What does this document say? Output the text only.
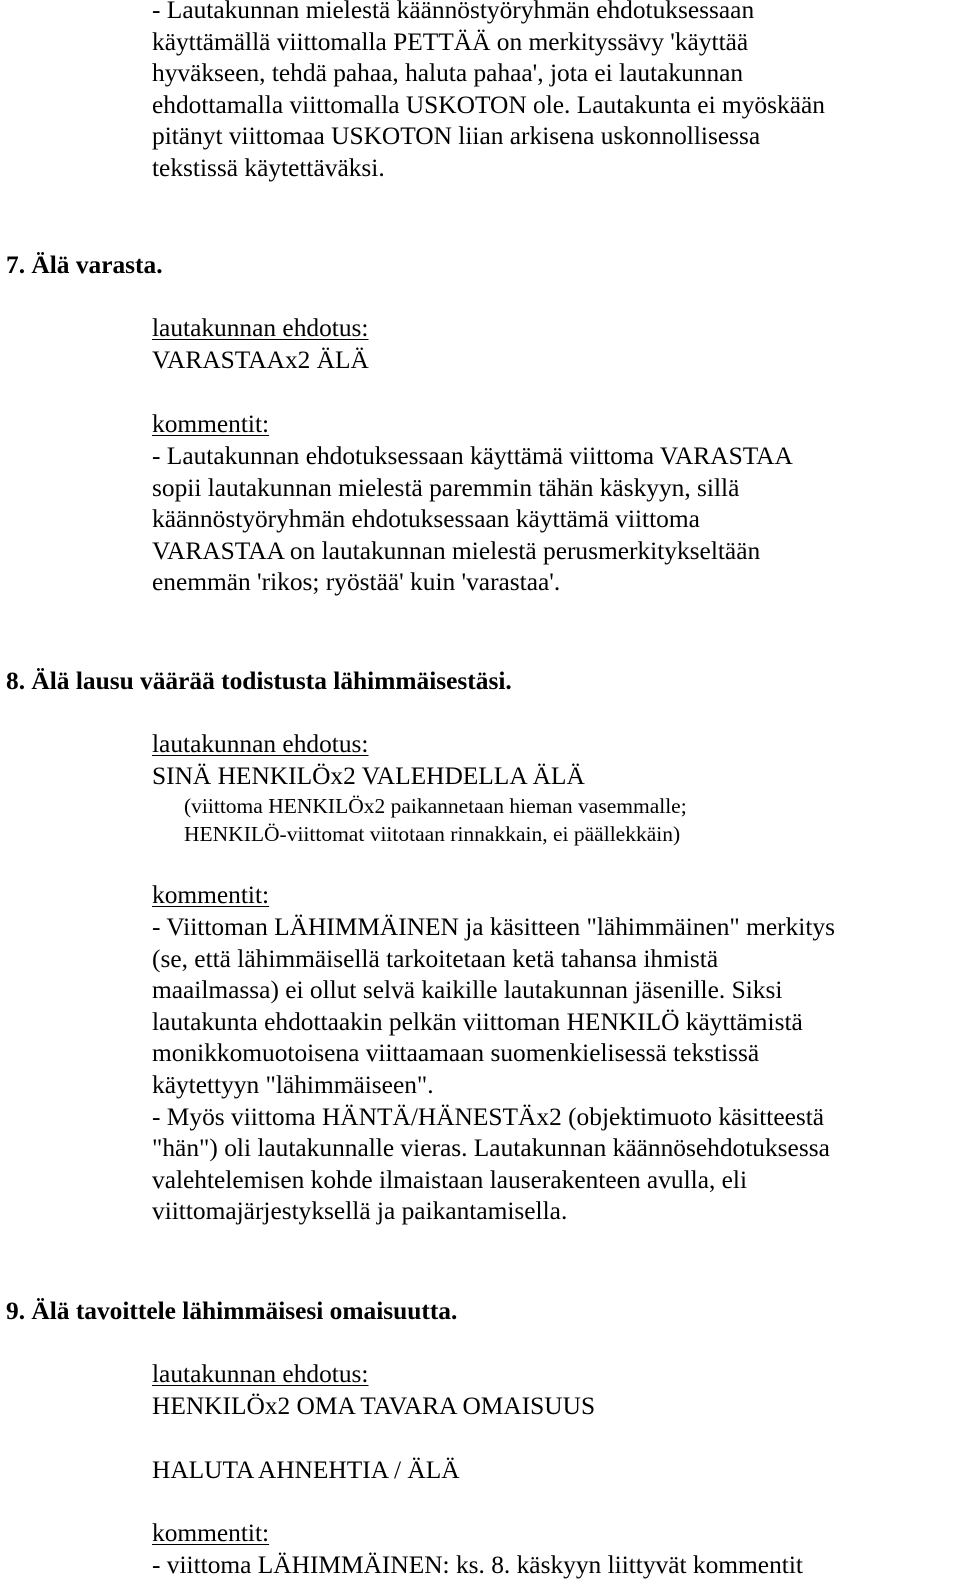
- Lautakunnan mielestä käännöstyöryhmän ehdotuksessaan
käyttämällä viittomalla PETTÄÄ on merkityssävy 'käyttää
hyväkseen, tehdä pahaa, haluta pahaa', jota ei lautakunnan
ehdottamalla viittomalla USKOTON ole. Lautakunta ei myöskään
pitänyt viittomaa USKOTON liian arkisena uskonnollisessa
tekstissä käytettäväksi.
7. Älä varasta.
lautakunnan ehdotus:
VARASTAAx2 ÄLÄ
kommentit:
- Lautakunnan ehdotuksessaan käyttämä viittoma VARASTAA
sopii lautakunnan mielestä paremmin tähän käskyyn, sillä
käännöstyöryhmän ehdotuksessaan käyttämä viittoma
VARASTAA on lautakunnan mielestä perusmerkitykseltään
enemmän 'rikos; ryöstää' kuin 'varastaa'.
8. Älä lausu väärää todistusta lähimmäisestäsi.
lautakunnan ehdotus:
SINÄ HENKILÖx2 VALEHDELLA ÄLÄ
(viittoma HENKILÖx2 paikannetaan hieman vasemmalle;
HENKILÖ-viittomat viitotaan rinnakkain, ei päällekkäin)
kommentit:
- Viittoman LÄHIMMÄINEN ja käsitteen "lähimmäinen" merkitys
(se, että lähimmäisellä tarkoitetaan ketä tahansa ihmistä
maailmassa) ei ollut selvä kaikille lautakunnan jäsenille. Siksi
lautakunta ehdottaakin pelkän viittoman HENKILÖ käyttämistä
monikkomuotoisena viittaamaan suomenkielisessä tekstissä
käytettyyn "lähimmäiseen".
- Myös viittoma HÄNTÄ/HÄNESTÄx2 (objektimuoto käsitteestä
"hän") oli lautakunnalle vieras. Lautakunnan käännösehdotuksessa
valehtelemisen kohde ilmaistaan lauserakenteen avulla, eli
viittomajärjestyksellä ja paikantamisella.
9. Älä tavoittele lähimmäisesi omaisuutta.
lautakunnan ehdotus:
HENKILÖx2 OMA TAVARA OMAISUUS
HALUTA AHNEHTIA / ÄLÄ
kommentit:
- viittoma LÄHIMMÄINEN: ks. 8. käskyyn liittyvät kommentit
